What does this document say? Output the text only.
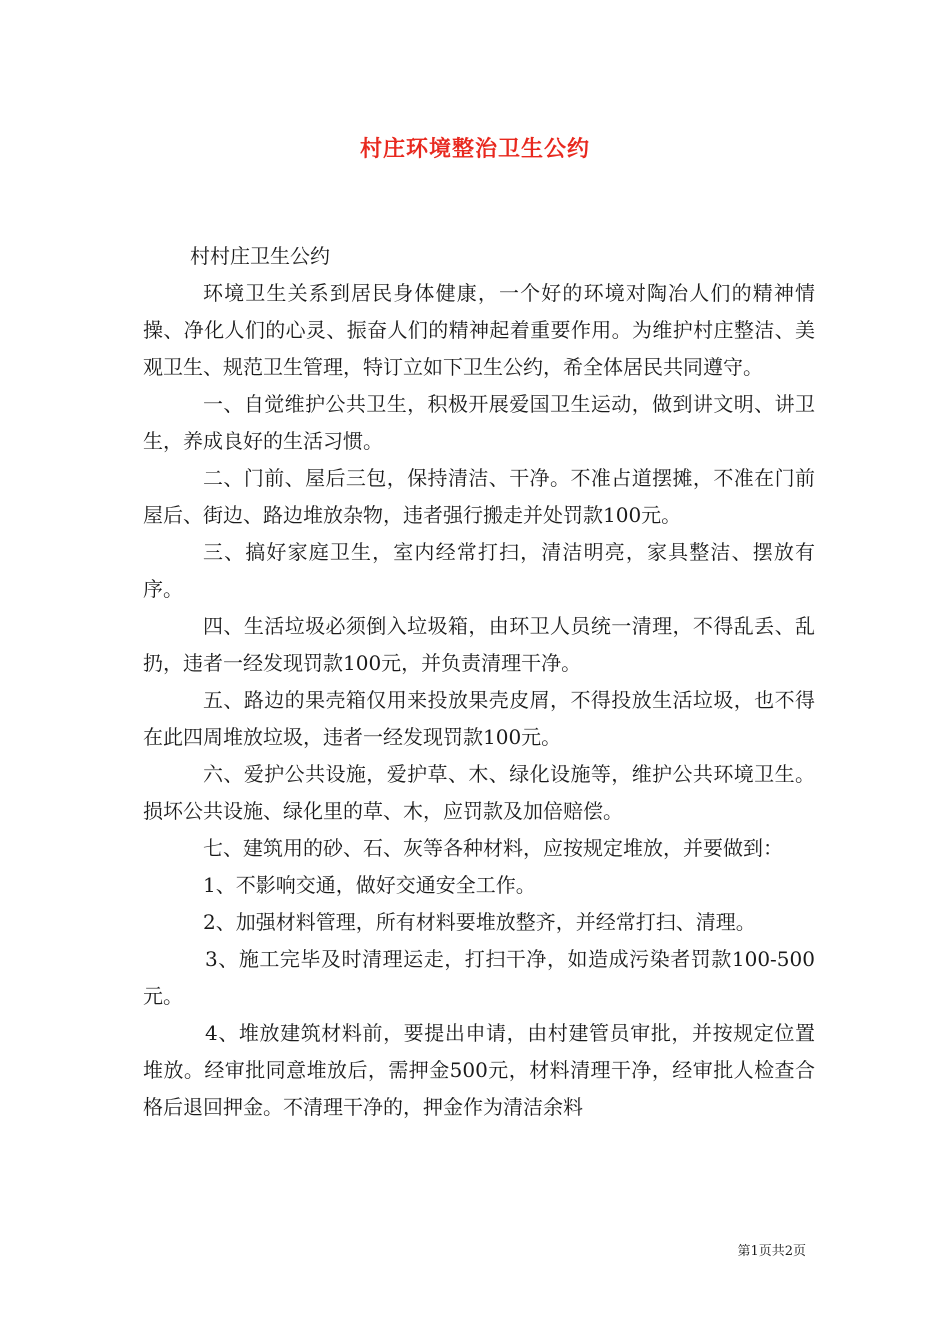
村庄环境整治卫生公约

村村庄卫生公约

环境卫生关系到居民身体健康，一个好的环境对陶冶人们的精神情操、净化人们的心灵、振奋人们的精神起着重要作用。为维护村庄整洁、美观卫生、规范卫生管理，特订立如下卫生公约，希全体居民共同遵守。

一、自觉维护公共卫生，积极开展爱国卫生运动，做到讲文明、讲卫生，养成良好的生活习惯。

二、门前、屋后三包，保持清洁、干净。不准占道摆摊，不准在门前屋后、街边、路边堆放杂物，违者强行搬走并处罚款100元。

三、搞好家庭卫生，室内经常打扫，清洁明亮，家具整洁、摆放有序。

四、生活垃圾必须倒入垃圾箱，由环卫人员统一清理，不得乱丢、乱扔，违者一经发现罚款100元，并负责清理干净。

五、路边的果壳箱仅用来投放果壳皮屑，不得投放生活垃圾，也不得在此四周堆放垃圾，违者一经发现罚款100元。

六、爱护公共设施，爱护草、木、绿化设施等，维护公共环境卫生。损坏公共设施、绿化里的草、木，应罚款及加倍赔偿。

七、建筑用的砂、石、灰等各种材料，应按规定堆放，并要做到：

1、不影响交通，做好交通安全工作。

2、加强材料管理，所有材料要堆放整齐，并经常打扫、清理。

3、施工完毕及时清理运走，打扫干净，如造成污染者罚款100-500元。

4、堆放建筑材料前，要提出申请，由村建管员审批，并按规定位置堆放。经审批同意堆放后，需押金500元，材料清理干净，经审批人检查合格后退回押金。不清理干净的，押金作为清洁余料

第1页共2页
